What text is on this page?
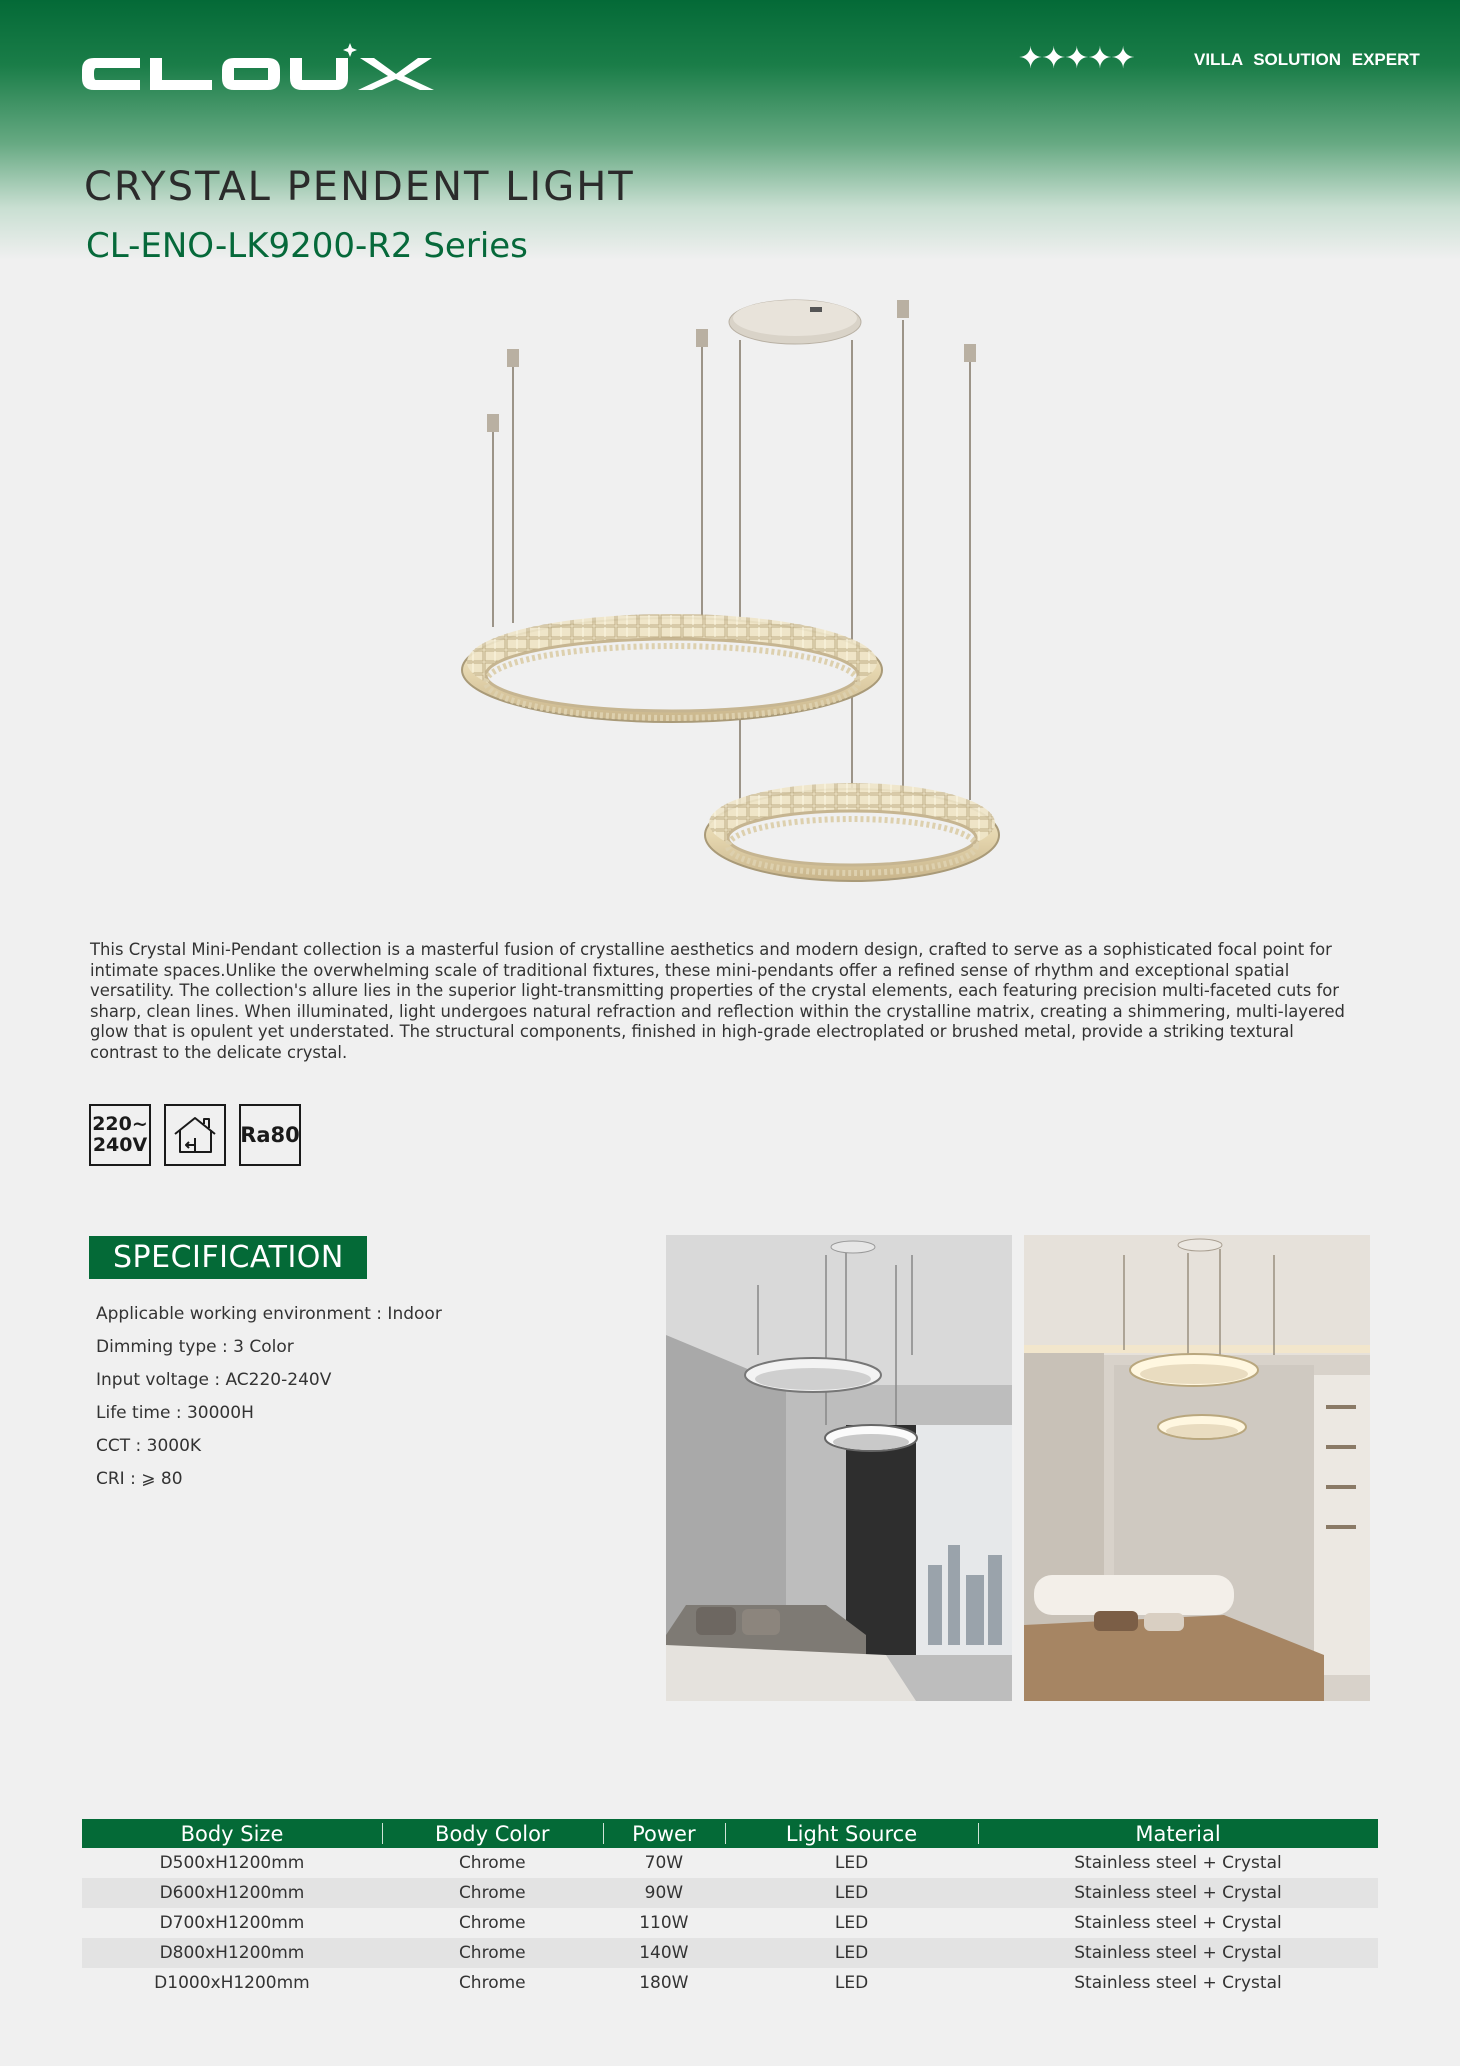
✦✦✦✦✦	VILLA SOLUTION EXPERT
CRYSTAL PENDENT LIGHT
CL-ENO-LK9200-R2 Series

This Crystal Mini-Pendant collection is a masterful fusion of crystalline aesthetics and modern design, crafted to serve as a sophisticated focal point for intimate spaces.Unlike the overwhelming scale of traditional fixtures, these mini-pendants offer a refined sense of rhythm and exceptional spatial versatility. The collection's allure lies in the superior light-transmitting properties of the crystal elements, each featuring precision multi-faceted cuts for sharp, clean lines. When illuminated, light undergoes natural refraction and reflection within the crystalline matrix, creating a shimmering, multi-layered glow that is opulent yet understated. The structural components, finished in high-grade electroplated or brushed metal, provide a striking textural contrast to the delicate crystal.

220~
240V	Ra80
SPECIFICATION
Applicable working environment : Indoor
Dimming type : 3 Color
Input voltage : AC220-240V
Life time : 30000H
CCT : 3000K
CRI : ⩾ 80
Body Size	Body Color	Power	Light Source	Material
D500xH1200mm	Chrome	70W	LED	Stainless steel + Crystal
D600xH1200mm	Chrome	90W	LED	Stainless steel + Crystal
D700xH1200mm	Chrome	110W	LED	Stainless steel + Crystal
D800xH1200mm	Chrome	140W	LED	Stainless steel + Crystal
D1000xH1200mm	Chrome	180W	LED	Stainless steel + Crystal
